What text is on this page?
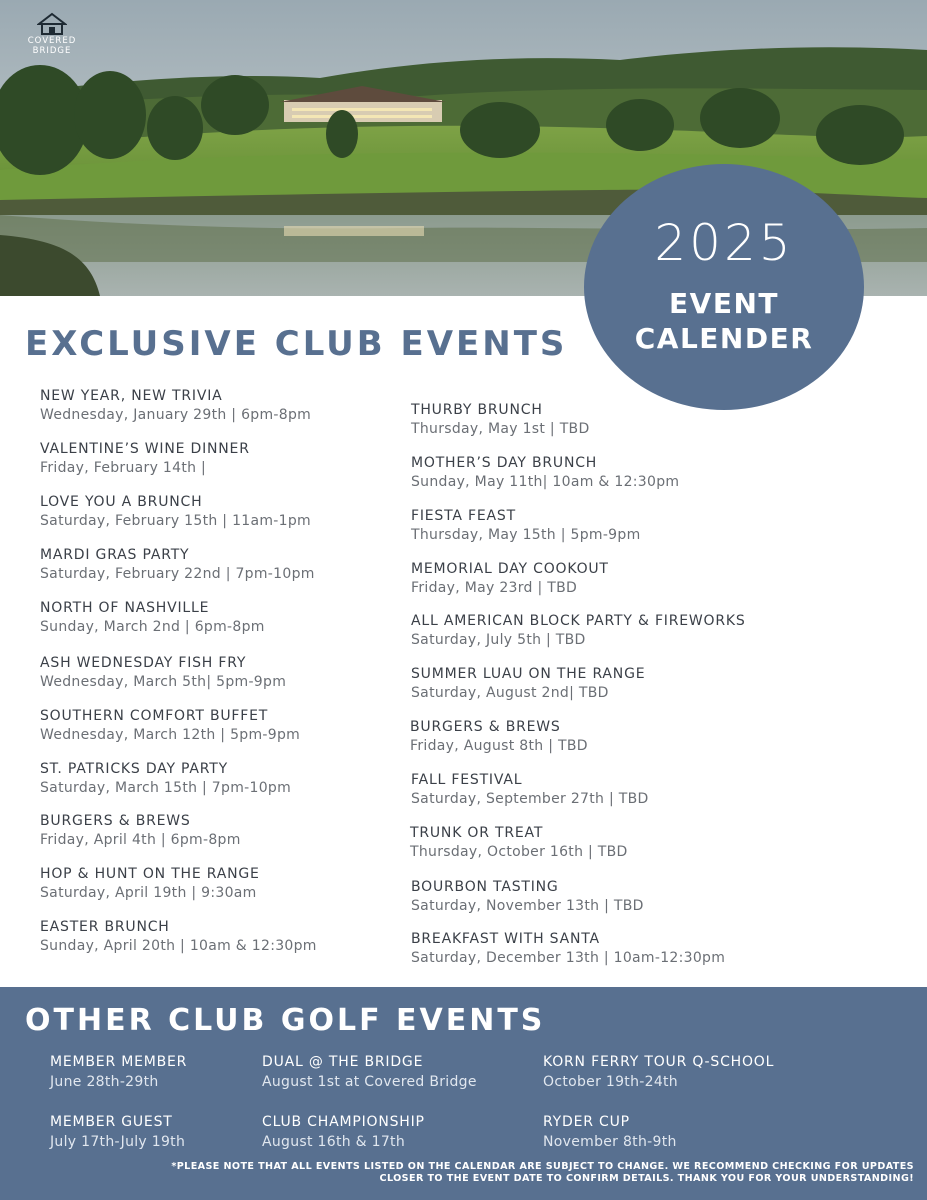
COVERED
BRIDGE
2025
EVENT
CALENDER
EXCLUSIVE CLUB EVENTS
NEW YEAR, NEW TRIVIA
Wednesday, January 29th | 6pm-8pm
VALENTINE’S WINE DINNER
Friday, February 14th |
LOVE YOU A BRUNCH
Saturday, February 15th | 11am-1pm
MARDI GRAS PARTY
Saturday, February 22nd | 7pm-10pm
NORTH OF NASHVILLE
Sunday, March 2nd | 6pm-8pm
ASH WEDNESDAY FISH FRY
Wednesday, March 5th| 5pm-9pm
SOUTHERN COMFORT BUFFET
Wednesday, March 12th | 5pm-9pm
ST. PATRICKS DAY PARTY
Saturday, March 15th | 7pm-10pm
BURGERS & BREWS
Friday, April 4th | 6pm-8pm
HOP & HUNT ON THE RANGE
Saturday, April 19th | 9:30am
EASTER BRUNCH
Sunday, April 20th | 10am & 12:30pm
THURBY BRUNCH
Thursday, May 1st | TBD
MOTHER’S DAY BRUNCH
Sunday, May 11th| 10am & 12:30pm
FIESTA FEAST
Thursday, May 15th | 5pm-9pm
MEMORIAL DAY COOKOUT
Friday, May 23rd | TBD
ALL AMERICAN BLOCK PARTY & FIREWORKS
Saturday, July 5th | TBD
SUMMER LUAU ON THE RANGE
Saturday, August 2nd| TBD
BURGERS & BREWS
Friday, August 8th | TBD
FALL FESTIVAL
Saturday, September 27th | TBD
TRUNK OR TREAT
Thursday, October 16th | TBD
BOURBON TASTING
Saturday, November 13th | TBD
BREAKFAST WITH SANTA
Saturday, December 13th | 10am-12:30pm
OTHER CLUB GOLF EVENTS
MEMBER MEMBER
June 28th-29th
DUAL @ THE BRIDGE
August 1st at Covered Bridge
KORN FERRY TOUR Q-SCHOOL
October 19th-24th
MEMBER GUEST
July 17th-July 19th
CLUB CHAMPIONSHIP
August 16th & 17th
RYDER CUP
November 8th-9th
*PLEASE NOTE THAT ALL EVENTS LISTED ON THE CALENDAR ARE SUBJECT TO CHANGE. WE RECOMMEND CHECKING FOR UPDATES
CLOSER TO THE EVENT DATE TO CONFIRM DETAILS. THANK YOU FOR YOUR UNDERSTANDING!
